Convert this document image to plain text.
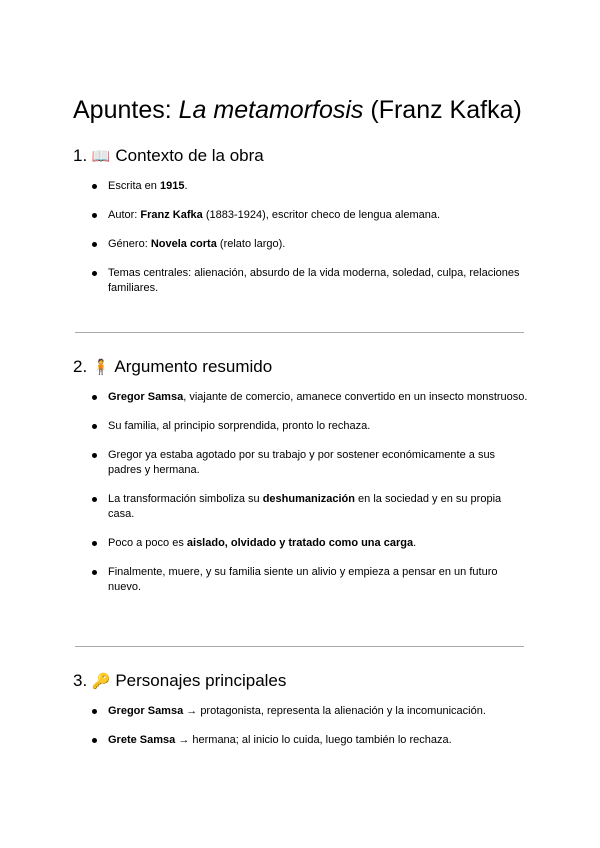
Apuntes: La metamorfosis (Franz Kafka)
1. 📖 Contexto de la obra
Escrita en 1915.
Autor: Franz Kafka (1883-1924), escritor checo de lengua alemana.
Género: Novela corta (relato largo).
Temas centrales: alienación, absurdo de la vida moderna, soledad, culpa, relaciones familiares.
2. 🧍 Argumento resumido
Gregor Samsa, viajante de comercio, amanece convertido en un insecto monstruoso.
Su familia, al principio sorprendida, pronto lo rechaza.
Gregor ya estaba agotado por su trabajo y por sostener económicamente a sus padres y hermana.
La transformación simboliza su deshumanización en la sociedad y en su propia casa.
Poco a poco es aislado, olvidado y tratado como una carga.
Finalmente, muere, y su familia siente un alivio y empieza a pensar en un futuro nuevo.
3. 🔑 Personajes principales
Gregor Samsa → protagonista, representa la alienación y la incomunicación.
Grete Samsa → hermana; al inicio lo cuida, luego también lo rechaza.
